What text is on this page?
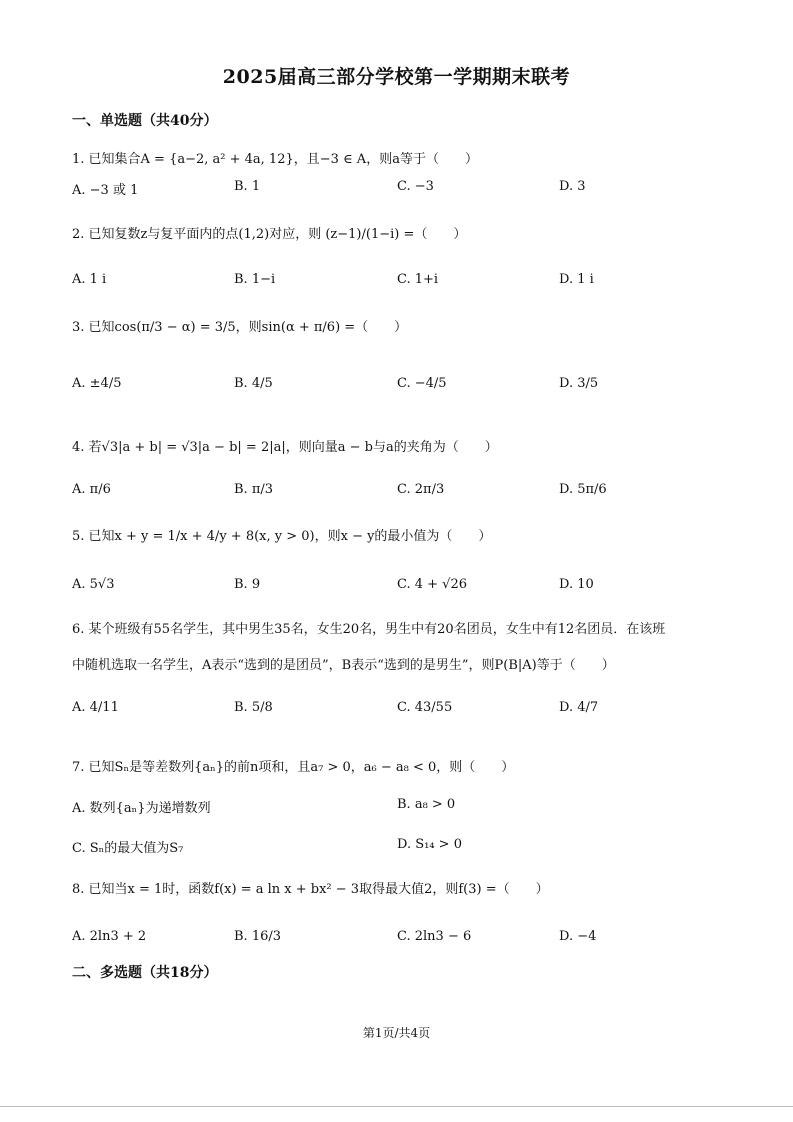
2025届高三部分学校第一学期期末联考
一、单选题（共40分）
1. 已知集合A = {a−2, a² + 4a, 12}，且−3 ∈ A，则a等于（　　）
A. −3 或 1	B. 1	C. −3	D. 3
2. 已知复数z与复平面内的点(1,2)对应，则 (z−1)/(1−i) =（　　）
A. 1 i	B. 1−i	C. 1+i	D. 1 i
3. 已知cos(π/3 − α) = 3/5，则sin(α + π/6) =（　　）
A. ±4/5	B. 4/5	C. −4/5	D. 3/5
4. 若√3|a + b| = √3|a − b| = 2|a|，则向量a − b与a的夹角为（　　）
A. π/6	B. π/3	C. 2π/3	D. 5π/6
5. 已知x + y = 1/x + 4/y + 8(x, y > 0)，则x − y的最小值为（　　）
A. 5√3	B. 9	C. 4 + √26	D. 10
6. 某个班级有55名学生，其中男生35名，女生20名，男生中有20名团员，女生中有12名团员．在该班
中随机选取一名学生，A表示“选到的是团员”，B表示“选到的是男生”，则P(B|A)等于（　　）
A. 4/11	B. 5/8	C. 43/55	D. 4/7
7. 已知Sₙ是等差数列{aₙ}的前n项和，且a₇ > 0，a₆ − a₈ < 0，则（　　）
A. 数列{aₙ}为递增数列	B. a₈ > 0
C. Sₙ的最大值为S₇	D. S₁₄ > 0
8. 已知当x = 1时，函数f(x) = a ln x + bx² − 3取得最大值2，则f(3) =（　　）
A. 2ln3 + 2	B. 16/3	C. 2ln3 − 6	D. −4
二、多选题（共18分）
第1页/共4页
